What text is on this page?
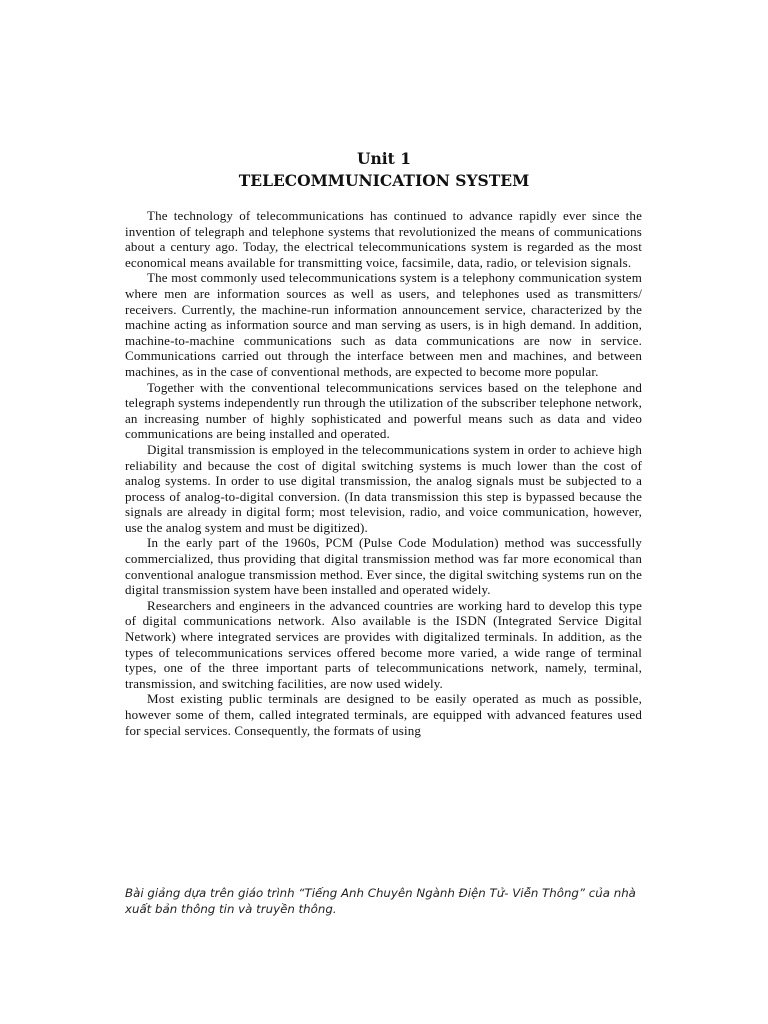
Unit 1
TELECOMMUNICATION SYSTEM

The technology of telecommunications has continued to advance rapidly ever since the invention of telegraph and telephone systems that revolutionized the means of communications about a century ago. Today, the electrical telecommunications system is regarded as the most economical means available for transmitting voice, facsimile, data, radio, or television signals.

The most commonly used telecommunications system is a telephony communication system where men are information sources as well as users, and telephones used as transmitters/ receivers. Currently, the machine-run information announcement service, characterized by the machine acting as information source and man serving as users, is in high demand. In addition, machine-to-machine communications such as data communications are now in service. Communications carried out through the interface between men and machines, and between machines, as in the case of conventional methods, are expected to become more popular.

Together with the conventional telecommunications services based on the telephone and telegraph systems independently run through the utilization of the subscriber telephone network, an increasing number of highly sophisticated and powerful means such as data and video communications are being installed and operated.

Digital transmission is employed in the telecommunications system in order to achieve high reliability and because the cost of digital switching systems is much lower than the cost of analog systems. In order to use digital transmission, the analog signals must be subjected to a process of analog-to-digital conversion. (In data transmission this step is bypassed because the signals are already in digital form; most television, radio, and voice communication, however, use the analog system and must be digitized).

In the early part of the 1960s, PCM (Pulse Code Modulation) method was successfully commercialized, thus providing that digital transmission method was far more economical than conventional analogue transmission method. Ever since, the digital switching systems run on the digital transmission system have been installed and operated widely.

Researchers and engineers in the advanced countries are working hard to develop this type of digital communications network. Also available is the ISDN (Integrated Service Digital Network) where integrated services are provides with digitalized terminals. In addition, as the types of telecommunications services offered become more varied, a wide range of terminal types, one of the three important parts of telecommunications network, namely, terminal, transmission, and switching facilities, are now used widely.

Most existing public terminals are designed to be easily operated as much as possible, however some of them, called integrated terminals, are equipped with advanced features used for special services. Consequently, the formats of using

Bài giảng dựa trên giáo trình “Tiếng Anh Chuyên Ngành Điện Tử- Viễn Thông” của nhà xuất bản thông tin và truyền thông.
